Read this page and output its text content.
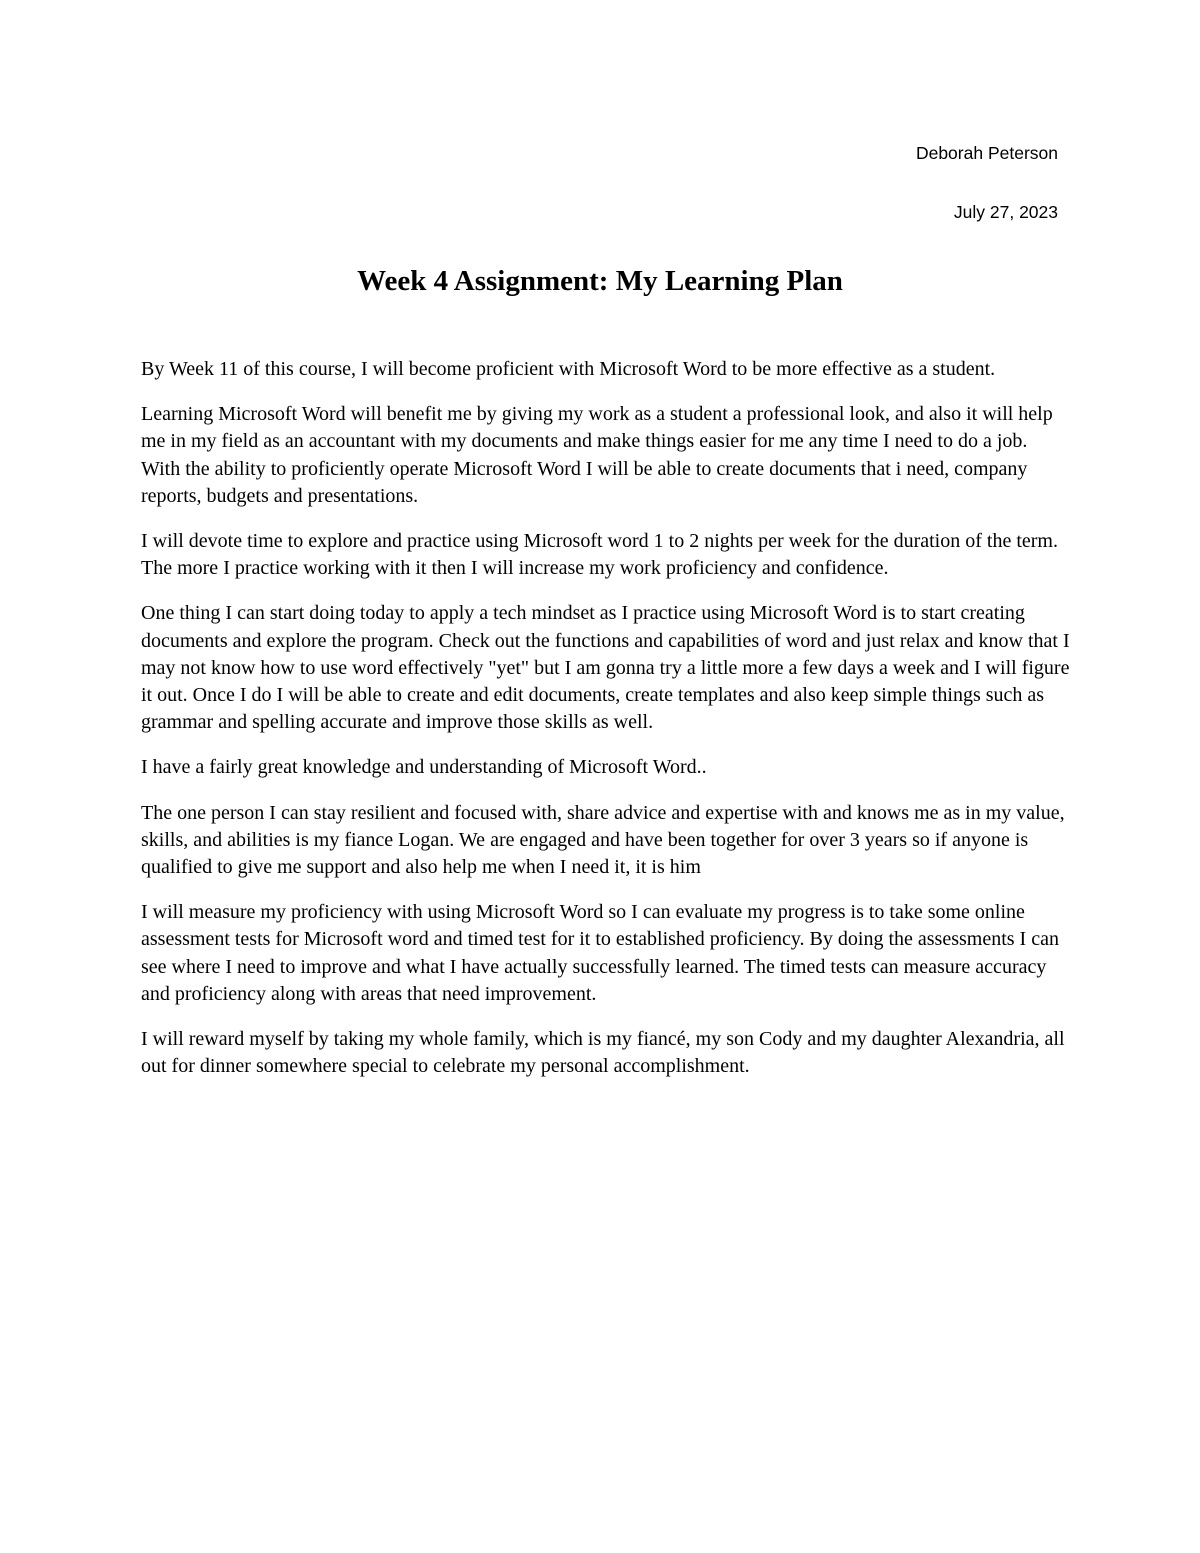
Deborah Peterson
July 27, 2023
Week 4 Assignment: My Learning Plan

By Week 11 of this course, I will become proficient with Microsoft Word to be more effective as a student.

Learning Microsoft Word will benefit me by giving my work as a student a professional look, and also it will help me in my field as an accountant with my documents and make things easier for me any time I need to do a job. With the ability to proficiently operate Microsoft Word I will be able to create documents that i need, company reports, budgets and presentations.

I will devote time to explore and practice using Microsoft word 1 to 2 nights per week for the duration of the term. The more I practice working with it then I will increase my work proficiency and confidence.

One thing I can start doing today to apply a tech mindset as I practice using Microsoft Word is to start creating documents and explore the program. Check out the functions and capabilities of word and just relax and know that I may not know how to use word effectively "yet" but I am gonna try a little more a few days a week and I will figure it out. Once I do I will be able to create and edit documents, create templates and also keep simple things such as grammar and spelling accurate and improve those skills as well.

I have a fairly great knowledge and understanding of Microsoft Word..

The one person I can stay resilient and focused with, share advice and expertise with and knows me as in my value, skills, and abilities is my fiance Logan. We are engaged and have been together for over 3 years so if anyone is qualified to give me support and also help me when I need it, it is him

I will measure my proficiency with using Microsoft Word so I can evaluate my progress is to take some online assessment tests for Microsoft word and timed test for it to established proficiency. By doing the assessments I can see where I need to improve and what I have actually successfully learned. The timed tests can measure accuracy and proficiency along with areas that need improvement.

I will reward myself by taking my whole family, which is my fiancé, my son Cody and my daughter Alexandria, all out for dinner somewhere special to celebrate my personal accomplishment.
